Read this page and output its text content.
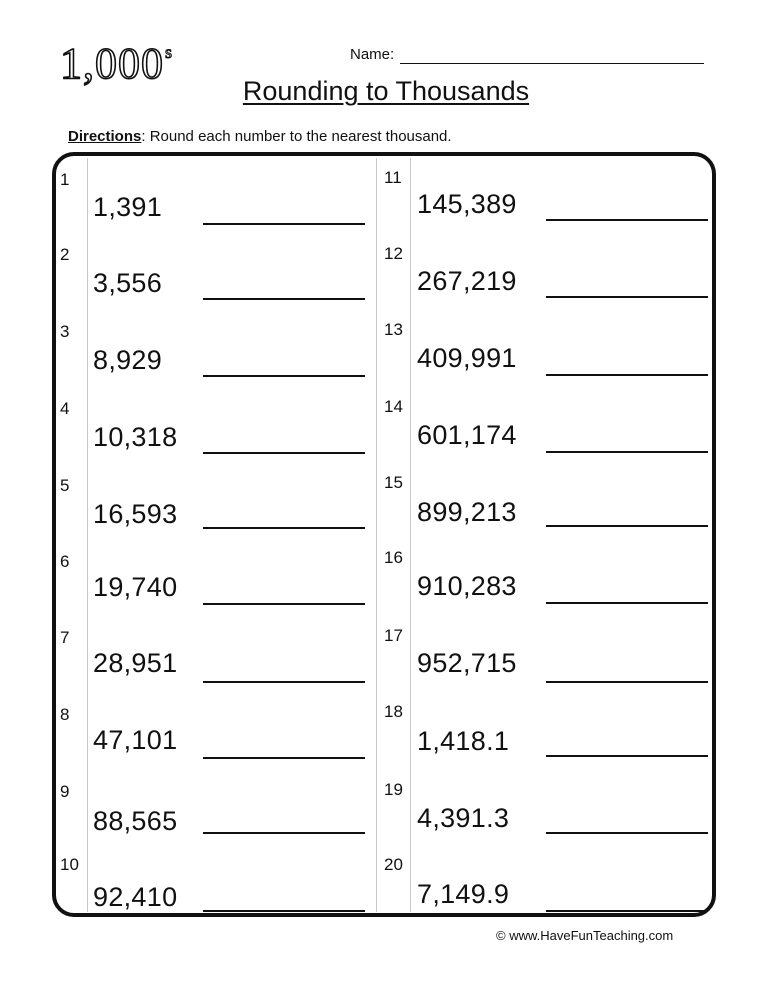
1,000$^s$	Name:
Rounding to Thousands
Directions: Round each number to the nearest thousand.
1
1,391
2
3,556
3
8,929
4
10,318
5
16,593
6
19,740
7
28,951
8
47,101
9
88,565
10
92,410
11
145,389
12
267,219
13
409,991
14
601,174
15
899,213
16
910,283
17
952,715
18
1,418.1
19
4,391.3
20
7,149.9
© www.HaveFunTeaching.com
